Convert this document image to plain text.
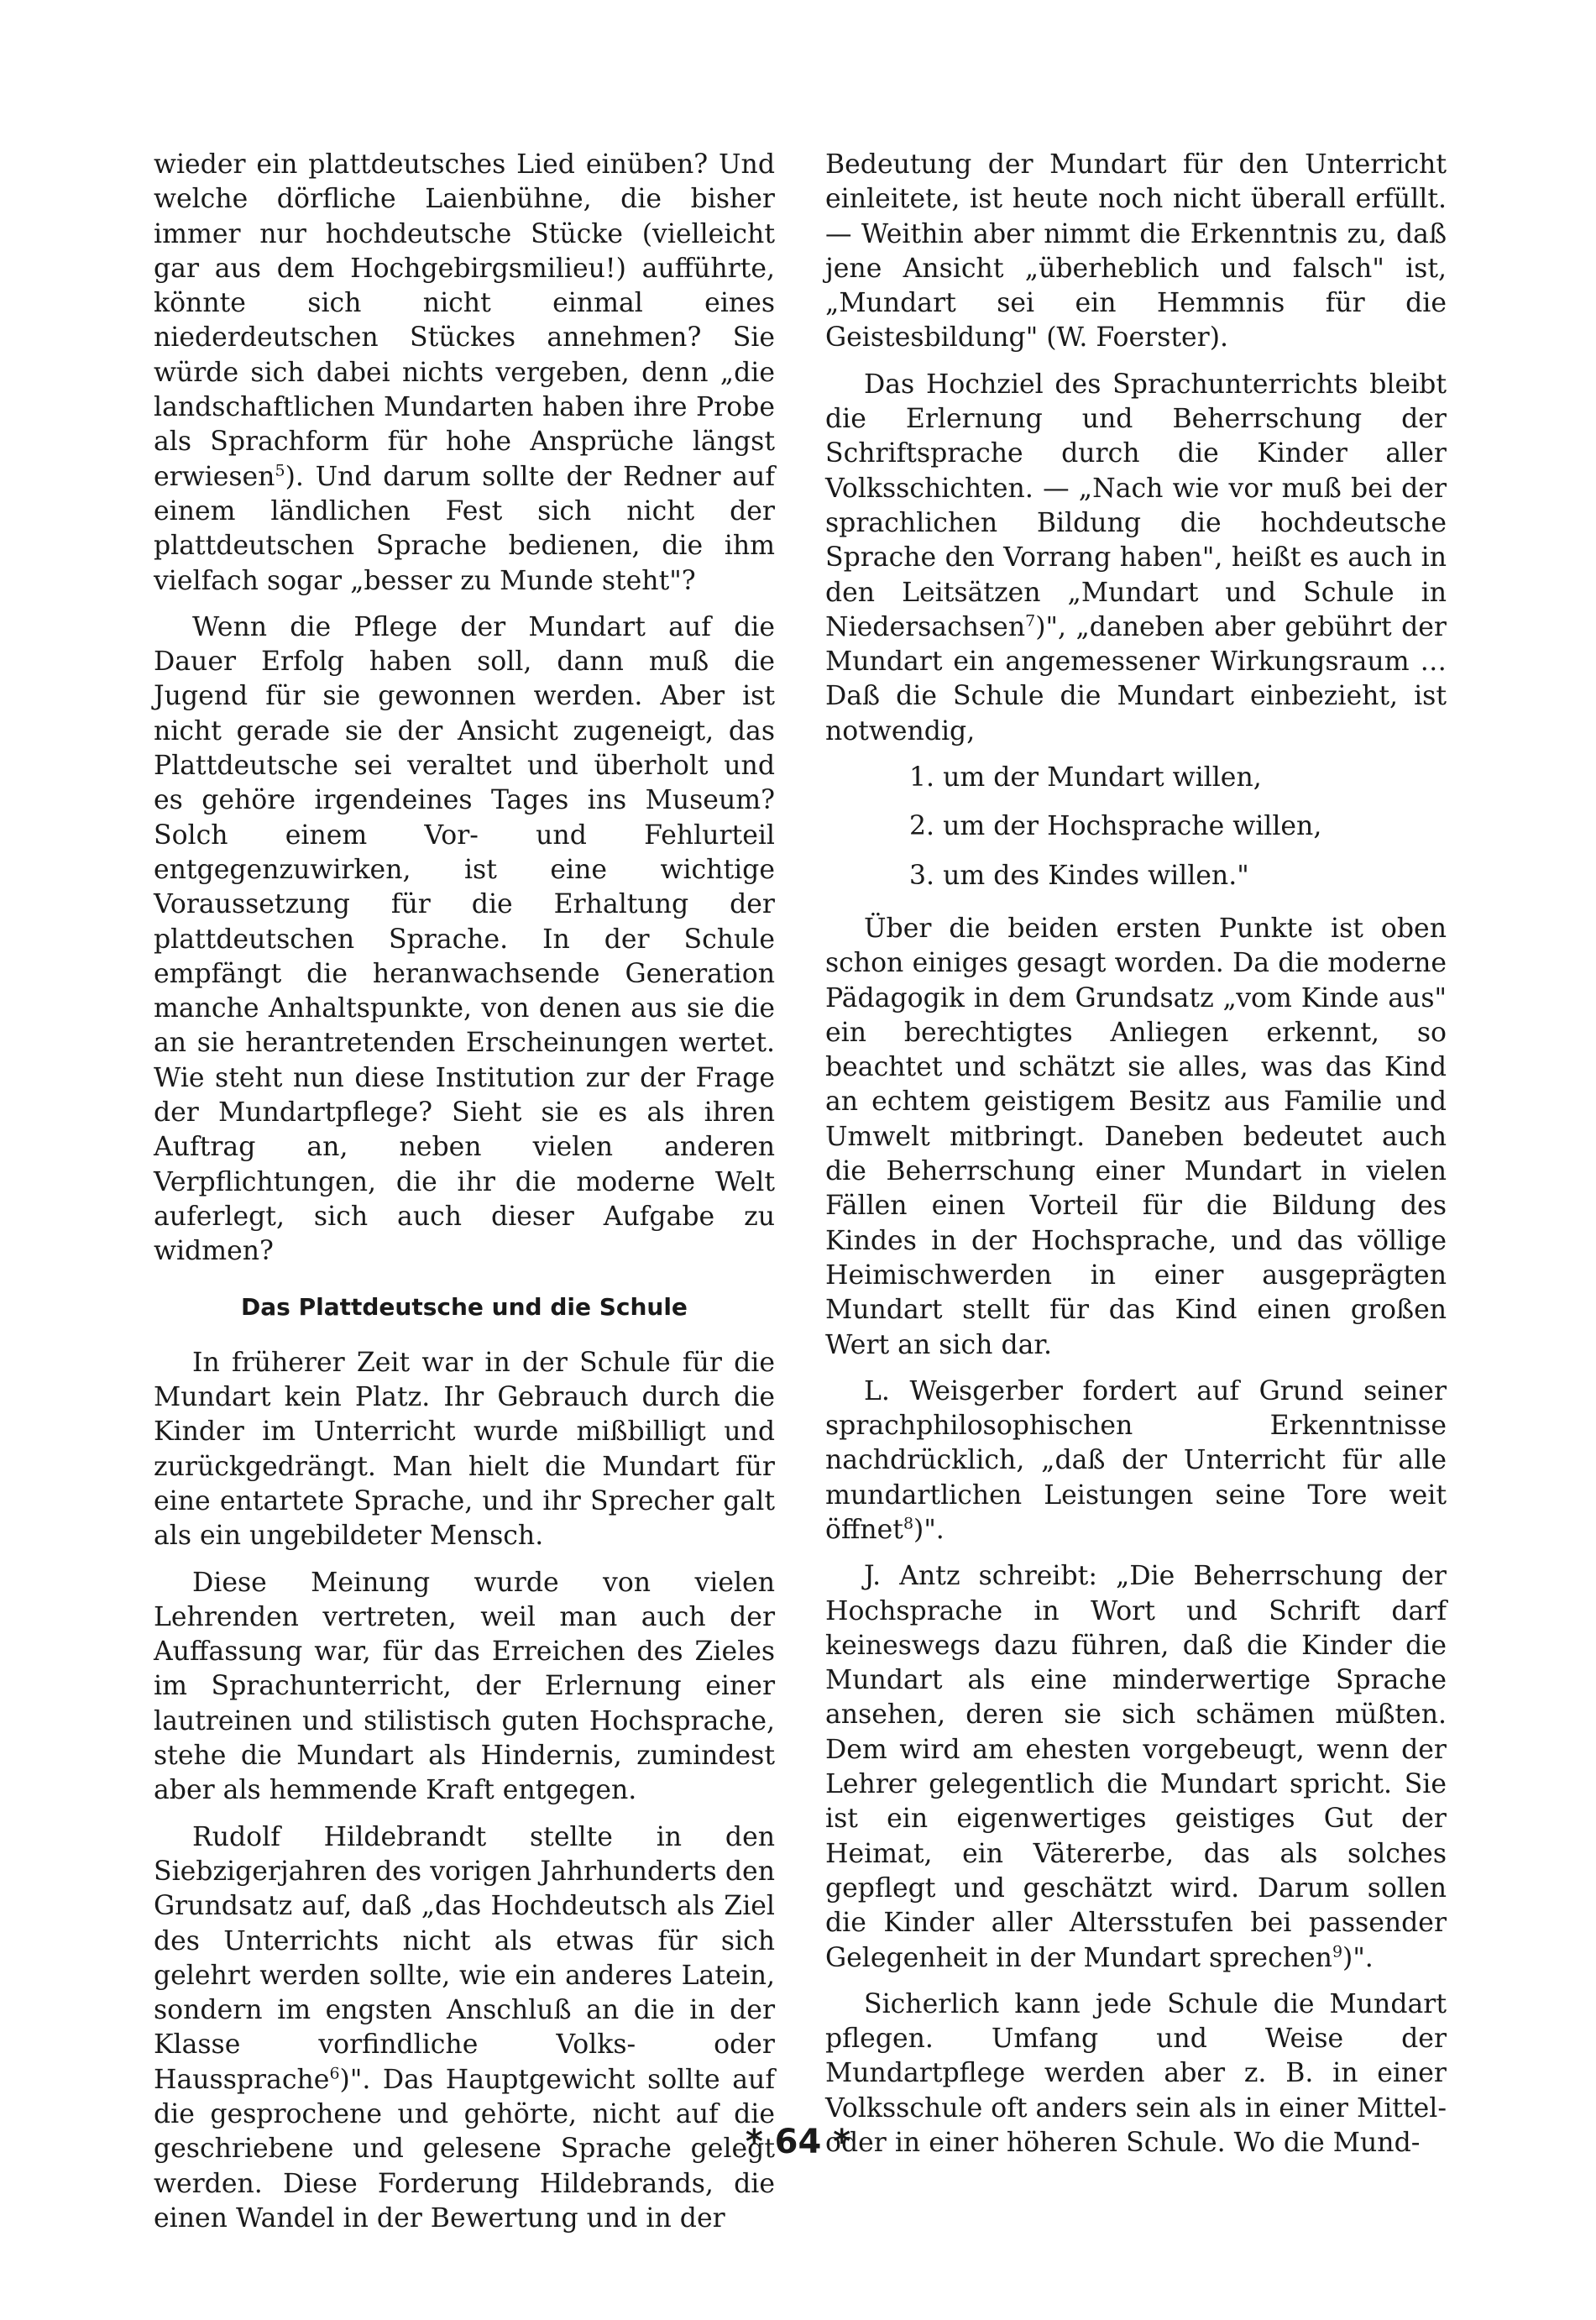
wieder ein plattdeutsches Lied einüben? Und welche dörfliche Laienbühne, die bisher immer nur hochdeutsche Stücke (vielleicht gar aus dem Hochgebirgsmilieu!) aufführte, könnte sich nicht einmal eines niederdeutschen Stückes annehmen? Sie würde sich dabei nichts vergeben, denn „die landschaftlichen Mundarten haben ihre Probe als Sprachform für hohe Ansprüche längst erwiesen$^5$). Und darum sollte der Redner auf einem ländlichen Fest sich nicht der plattdeutschen Sprache bedienen, die ihm vielfach sogar „besser zu Munde steht"?

Wenn die Pflege der Mundart auf die Dauer Erfolg haben soll, dann muß die Jugend für sie gewonnen werden. Aber ist nicht gerade sie der Ansicht zugeneigt, das Plattdeutsche sei veraltet und überholt und es gehöre irgendeines Tages ins Museum? Solch einem Vor- und Fehlurteil entgegenzuwirken, ist eine wichtige Voraussetzung für die Erhaltung der plattdeutschen Sprache. In der Schule empfängt die heranwachsende Generation manche Anhaltspunkte, von denen aus sie die an sie herantretenden Erscheinungen wertet. Wie steht nun diese Institution zur der Frage der Mundartpflege? Sieht sie es als ihren Auftrag an, neben vielen anderen Verpflichtungen, die ihr die moderne Welt auferlegt, sich auch dieser Aufgabe zu widmen?

Das Plattdeutsche und die Schule

In früherer Zeit war in der Schule für die Mundart kein Platz. Ihr Gebrauch durch die Kinder im Unterricht wurde mißbilligt und zurückgedrängt. Man hielt die Mundart für eine entartete Sprache, und ihr Sprecher galt als ein ungebildeter Mensch.

Diese Meinung wurde von vielen Lehrenden vertreten, weil man auch der Auffassung war, für das Erreichen des Zieles im Sprachunterricht, der Erlernung einer lautreinen und stilistisch guten Hochsprache, stehe die Mundart als Hindernis, zumindest aber als hemmende Kraft entgegen.

Rudolf Hildebrandt stellte in den Siebzigerjahren des vorigen Jahrhunderts den Grundsatz auf, daß „das Hochdeutsch als Ziel des Unterrichts nicht als etwas für sich gelehrt werden sollte, wie ein anderes Latein, sondern im engsten Anschluß an die in der Klasse vorfindliche Volks- oder Haussprache$^6$)". Das Hauptgewicht sollte auf die gesprochene und gehörte, nicht auf die geschriebene und gelesene Sprache gelegt werden. Diese Forderung Hildebrands, die einen Wandel in der Bewertung und in der

Bedeutung der Mundart für den Unterricht einleitete, ist heute noch nicht überall erfüllt. — Weithin aber nimmt die Erkenntnis zu, daß jene Ansicht „überheblich und falsch" ist, „Mundart sei ein Hemmnis für die Geistesbildung" (W. Foerster).

Das Hochziel des Sprachunterrichts bleibt die Erlernung und Beherrschung der Schriftsprache durch die Kinder aller Volksschichten. — „Nach wie vor muß bei der sprachlichen Bildung die hochdeutsche Sprache den Vorrang haben", heißt es auch in den Leitsätzen „Mundart und Schule in Niedersachsen$^7$)", „daneben aber gebührt der Mundart ein angemessener Wirkungsraum … Daß die Schule die Mundart einbezieht, ist notwendig,

1. um der Mundart willen,
2. um der Hochsprache willen,
3. um des Kindes willen."

Über die beiden ersten Punkte ist oben schon einiges gesagt worden. Da die moderne Pädagogik in dem Grundsatz „vom Kinde aus" ein berechtigtes Anliegen erkennt, so beachtet und schätzt sie alles, was das Kind an echtem geistigem Besitz aus Familie und Umwelt mitbringt. Daneben bedeutet auch die Beherrschung einer Mundart in vielen Fällen einen Vorteil für die Bildung des Kindes in der Hochsprache, und das völlige Heimischwerden in einer ausgeprägten Mundart stellt für das Kind einen großen Wert an sich dar.

L. Weisgerber fordert auf Grund seiner sprachphilosophischen Erkenntnisse nachdrücklich, „daß der Unterricht für alle mundartlichen Leistungen seine Tore weit öffnet$^8$)".

J. Antz schreibt: „Die Beherrschung der Hochsprache in Wort und Schrift darf keineswegs dazu führen, daß die Kinder die Mundart als eine minderwertige Sprache ansehen, deren sie sich schämen müßten. Dem wird am ehesten vorgebeugt, wenn der Lehrer gelegentlich die Mundart spricht. Sie ist ein eigenwertiges geistiges Gut der Heimat, ein Vätererbe, das als solches gepflegt und geschätzt wird. Darum sollen die Kinder aller Altersstufen bei passender Gelegenheit in der Mundart sprechen$^9$)".

Sicherlich kann jede Schule die Mundart pflegen. Umfang und Weise der Mundartpflege werden aber z. B. in einer Volksschule oft anders sein als in einer Mittel- oder in einer höheren Schule. Wo die Mund-

* 64 *
